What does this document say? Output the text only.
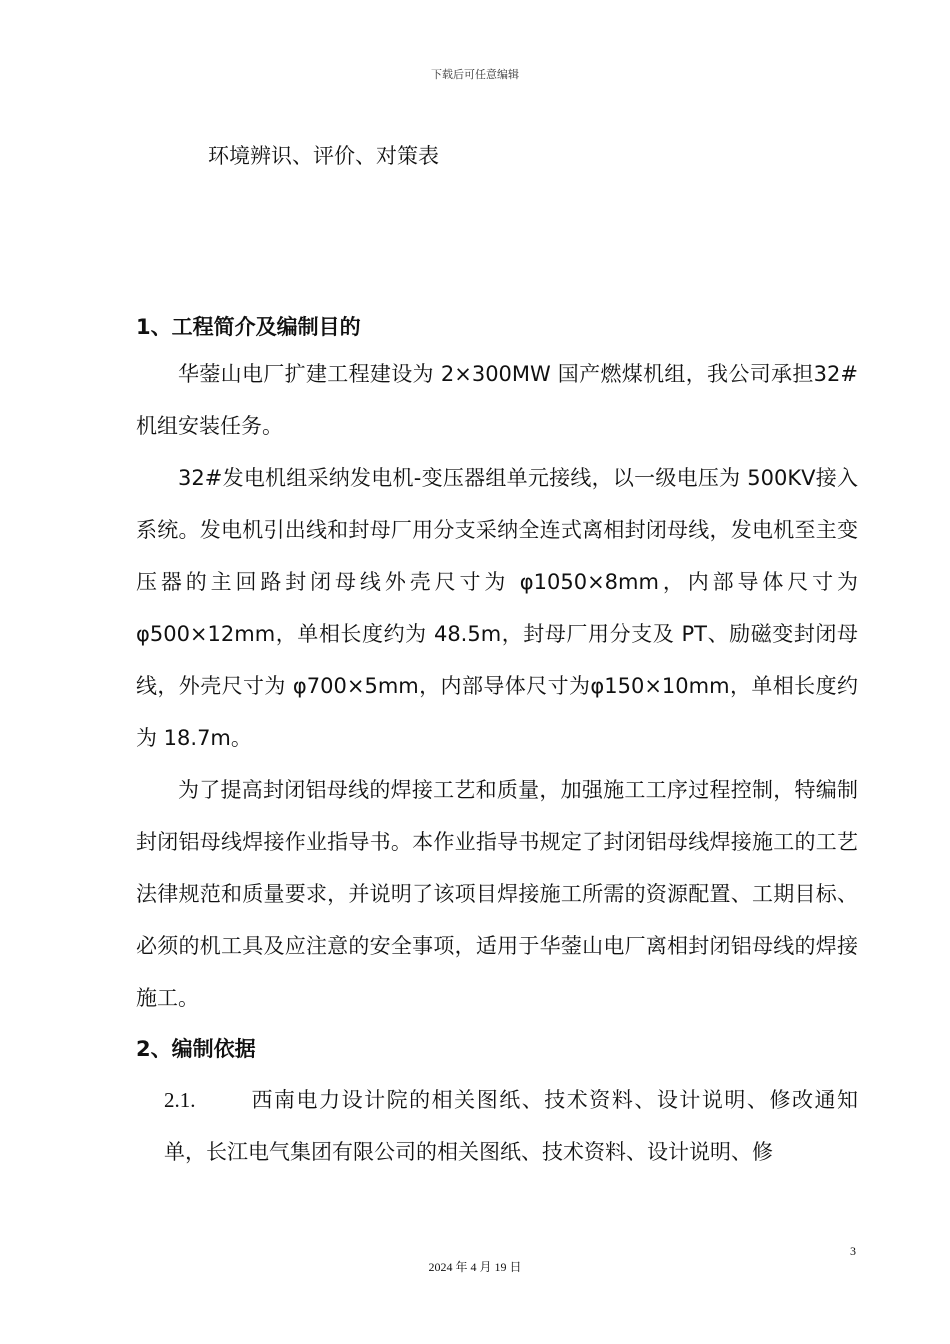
下载后可任意编辑
环境辨识、评价、对策表
1、工程简介及编制目的

华蓥山电厂扩建工程建设为 2×300MW 国产燃煤机组，我公司承担32#机组安装任务。

32#发电机组采纳发电机-变压器组单元接线，以一级电压为 500KV接入系统。发电机引出线和封母厂用分支采纳全连式离相封闭母线，发电机至主变压器的主回路封闭母线外壳尺寸为 φ1050×8mm，内部导体尺寸为 φ500×12mm，单相长度约为 48.5m，封母厂用分支及 PT、励磁变封闭母线，外壳尺寸为 φ700×5mm，内部导体尺寸为φ150×10mm，单相长度约为 18.7m。

为了提高封闭铝母线的焊接工艺和质量，加强施工工序过程控制，特编制封闭铝母线焊接作业指导书。本作业指导书规定了封闭铝母线焊接施工的工艺法律规范和质量要求，并说明了该项目焊接施工所需的资源配置、工期目标、必须的机工具及应注意的安全事项，适用于华蓥山电厂离相封闭铝母线的焊接施工。

2、编制依据
2.1.	西南电力设计院的相关图纸、技术资料、设计说明、修改通知单，长江电气集团有限公司的相关图纸、技术资料、设计说明、修
3
2024 年 4 月 19 日
